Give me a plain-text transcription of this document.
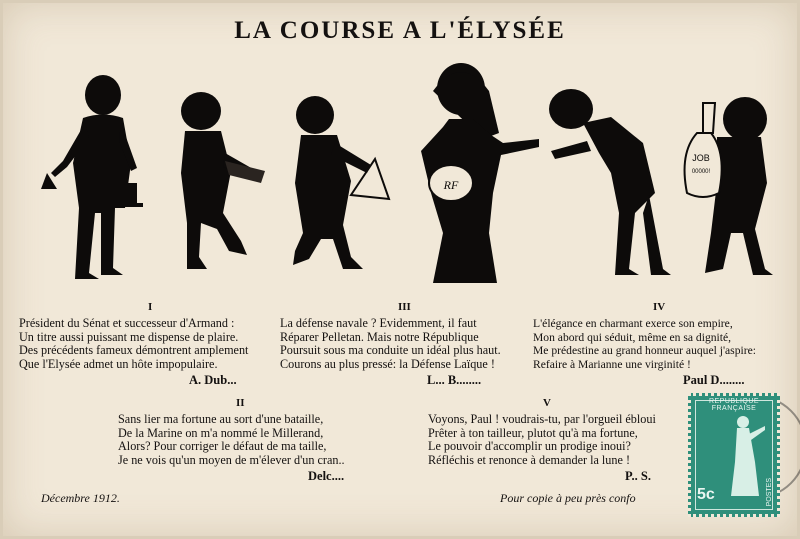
LA COURSE A L'ÉLYSÉE
RF
JOB
00000!
I
Président du Sénat et successeur d'Armand :
Un titre aussi puissant me dispense de plaire.
Des précédents fameux démontrent amplement
Que l'Elysée admet un hôte impopulaire.
A. Dub...
III
La défense navale ? Evidemment, il faut
Réparer Pelletan. Mais notre République
Poursuit sous ma conduite un idéal plus haut.
Courons au plus pressé: la Défense Laïque !
L... B........
IV
L'élégance en charmant exerce son empire,
Mon abord qui séduit, même en sa dignité,
Me prédestine au grand honneur auquel j'aspire:
Refaire à Marianne une virginité !
Paul D........
II
Sans lier ma fortune au sort d'une bataille,
De la Marine on m'a nommé le Millerand,
Alors? Pour corriger le défaut de ma taille,
Je ne vois qu'un moyen de m'élever d'un cran..
Delc....
V
Voyons, Paul ! voudrais-tu, par l'orgueil ébloui
Prêter à ton tailleur, plutot qu'à ma fortune,
Le pouvoir d'accomplir un prodige inoui?
Réfléchis et renonce à demander la lune !
P.. S.
Décembre 1912.	Pour copie à peu près confo
REPUBLIQUE FRANÇAISE
5c	POSTES
